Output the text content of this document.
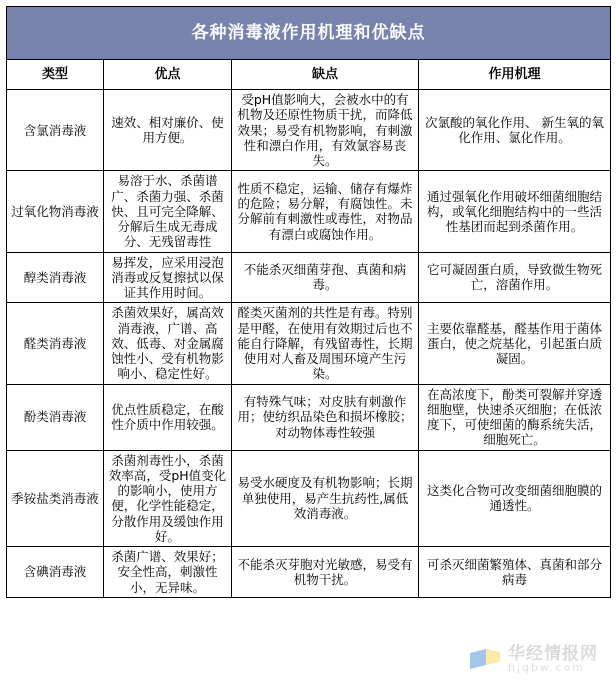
各种消毒液作用机理和优缺点			
类型	优点	缺点	作用机理
含氯消毒液	速效、相对廉价、使用方便。	受pH值影响大，会被水中的有机物及还原性物质干扰，而降低效果；易受有机物影响，有刺激性和漂白作用，有效氯容易丧失。	次氯酸的氧化作用、 新生氧的氧化作用、氯化作用。
过氧化物消毒液	易溶于水、杀菌谱广、杀菌力强、杀菌快、且可完全降解、分解后生成无毒成分、无残留毒性	性质不稳定，运输、储存有爆炸的危险；易分解，有腐蚀性。未分解前有刺激性或毒性，对物品有漂白或腐蚀作用。	通过强氧化作用破坏细菌细胞结构，或氧化细胞结构中的一些活性基团而起到杀菌作用。
醇类消毒液	易挥发，应采用浸泡消毒或反复擦拭以保证其作用时间。	不能杀灭细菌芽孢、真菌和病毒。	它可凝固蛋白质，导致微生物死亡，溶菌作用。
醛类消毒液	杀菌效果好，属高效消毒液，广谱、高效、低毒、对金属腐蚀性小、受有机物影响小、稳定性好。	醛类灭菌剂的共性是有毒。特别是甲醛，在使用有效期过后也不能自行降解，有残留毒性，长期使用对人畜及周围环境产生污染。	主要依靠醛基，醛基作用于菌体蛋白，使之烷基化，引起蛋白质凝固。
酚类消毒液	优点性质稳定，在酸性介质中作用较强。	有特殊气味；对皮肤有刺激作用；使纺织品染色和损坏橡胶；对动物体毒性较强	在高浓度下，酚类可裂解并穿透细胞壁，快速杀灭细胞；在低浓度下，可使细菌的酶系统失活，细胞死亡。
季铵盐类消毒液	杀菌剂毒性小，杀菌效率高，受pH值变化的影响小，使用方便，化学性能稳定，分散作用及缓蚀作用好。	易受水硬度及有机物影响；长期单独使用，易产生抗药性,属低效消毒液。	这类化合物可改变细菌细胞膜的通透性。
含碘消毒液	杀菌广谱、效果好；安全性高，刺激性小，无异味。	不能杀灭芽胞对光敏感，易受有机物干扰。	可杀灭细菌繁殖体、真菌和部分病毒
华经情报网
hjqbw.com
